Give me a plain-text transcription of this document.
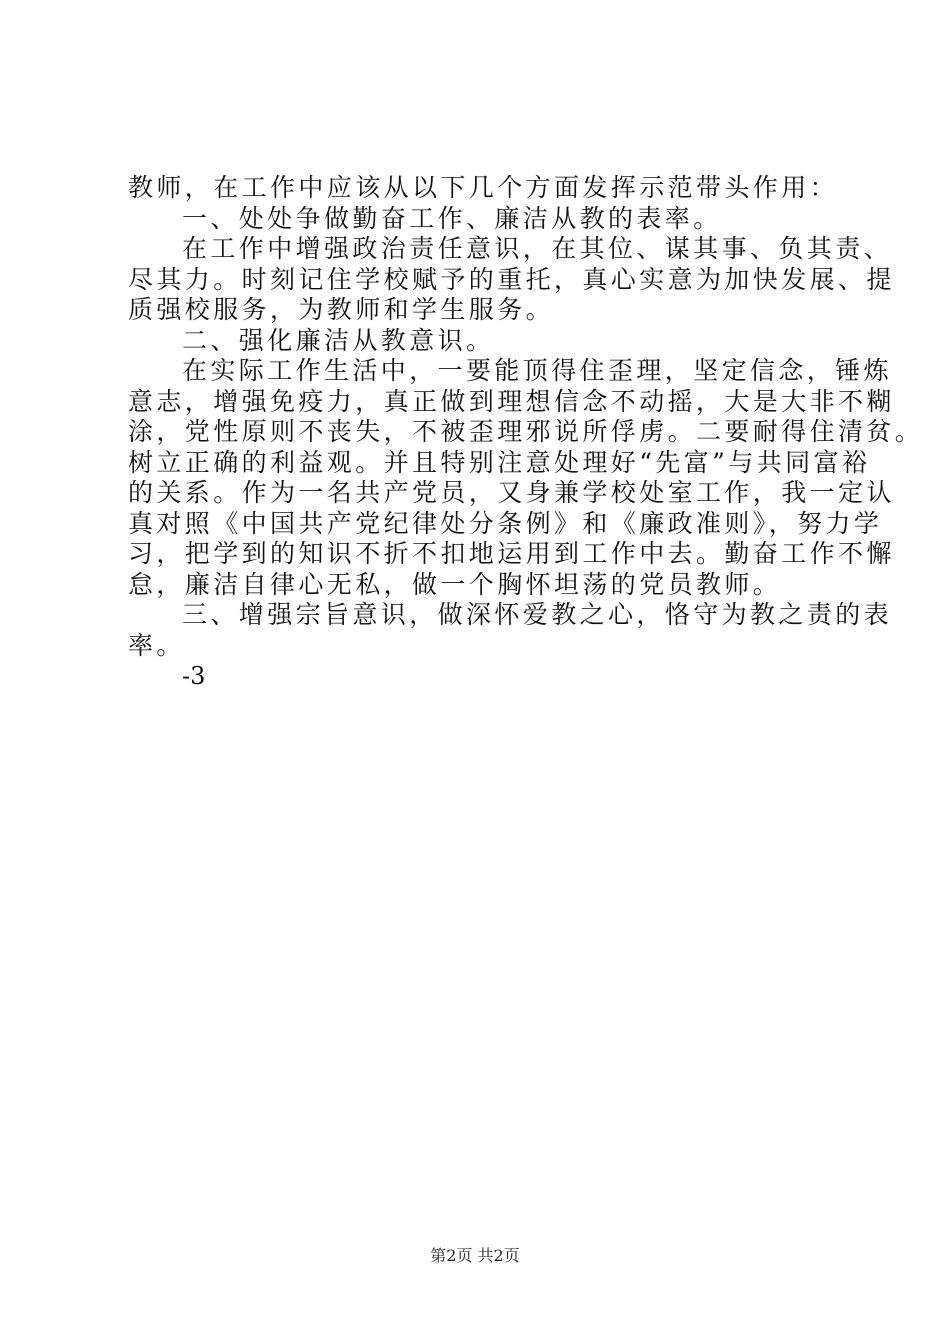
教师，在工作中应该从以下几个方面发挥示范带头作用：
一、处处争做勤奋工作、廉洁从教的表率。
在工作中增强政治责任意识，在其位、谋其事、负其责、
尽其力。时刻记住学校赋予的重托，真心实意为加快发展、提
质强校服务，为教师和学生服务。
二、强化廉洁从教意识。
在实际工作生活中，一要能顶得住歪理，坚定信念，锤炼
意志，增强免疫力，真正做到理想信念不动摇，大是大非不糊
涂，党性原则不丧失，不被歪理邪说所俘虏。二要耐得住清贫。
树立正确的利益观。并且特别注意处理好“先富”与共同富裕
的关系。作为一名共产党员，又身兼学校处室工作，我一定认
真对照《中国共产党纪律处分条例》和《廉政准则》，努力学
习，把学到的知识不折不扣地运用到工作中去。勤奋工作不懈
怠，廉洁自律心无私，做一个胸怀坦荡的党员教师。
三、增强宗旨意识，做深怀爱教之心，恪守为教之责的表
率。
-3
第2页 共2页
